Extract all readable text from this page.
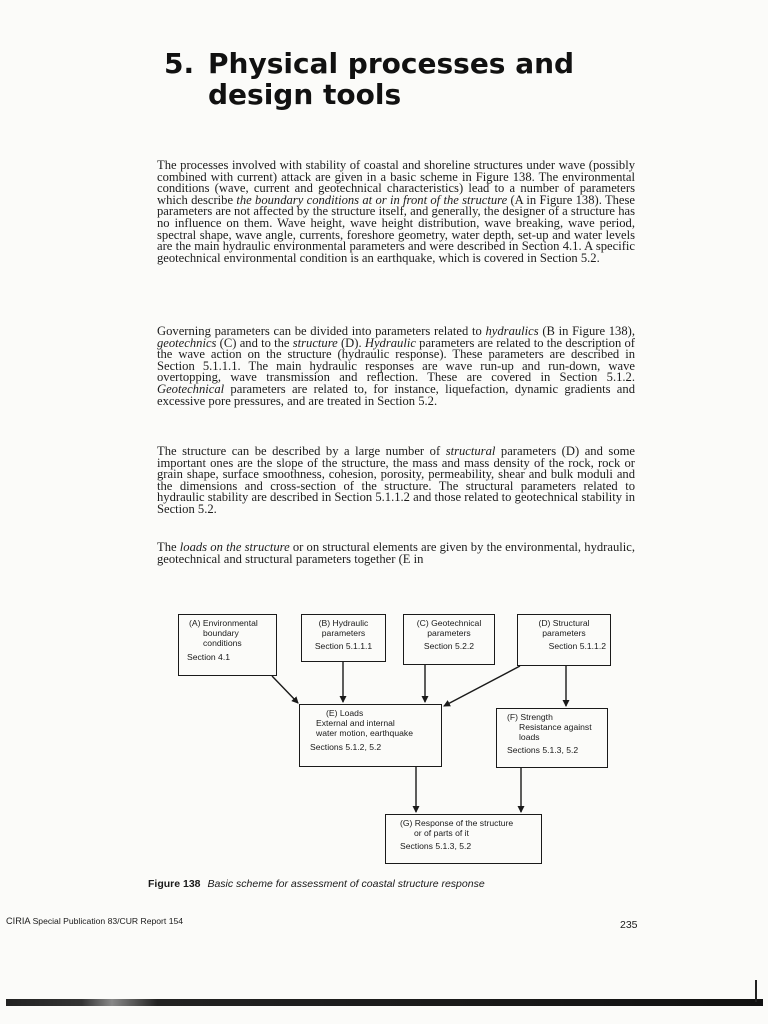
5. Physical processes and
design tools

The processes involved with stability of coastal and shoreline structures under wave (possibly combined with current) attack are given in a basic scheme in Figure 138. The environmental conditions (wave, current and geotechnical characteristics) lead to a number of parameters which describe the boundary conditions at or in front of the structure (A in Figure 138). These parameters are not affected by the structure itself, and generally, the designer of a structure has no influence on them. Wave height, wave height distribution, wave breaking, wave period, spectral shape, wave angle, currents, foreshore geometry, water depth, set-up and water levels are the main hydraulic environmental parameters and were described in Section 4.1. A specific geotechnical environmental condition is an earthquake, which is covered in Section 5.2.

Governing parameters can be divided into parameters related to hydraulics (B in Figure 138), geotechnics (C) and to the structure (D). Hydraulic parameters are related to the description of the wave action on the structure (hydraulic response). These parameters are described in Section 5.1.1.1. The main hydraulic responses are wave run-up and run-down, wave overtopping, wave transmission and reflection. These are covered in Section 5.1.2. Geotechnical parameters are related to, for instance, liquefaction, dynamic gradients and excessive pore pressures, and are treated in Section 5.2.

The structure can be described by a large number of structural parameters (D) and some important ones are the slope of the structure, the mass and mass density of the rock, rock or grain shape, surface smoothness, cohesion, porosity, permeability, shear and bulk moduli and the dimensions and cross-section of the structure. The structural parameters related to hydraulic stability are described in Section 5.1.1.2 and those related to geotechnical stability in Section 5.2.

The loads on the structure or on structural elements are given by the environmental, hydraulic, geotechnical and structural parameters together (E in

(A) Environmental
boundary
conditions
Section 4.1
(B) Hydraulic
parameters
Section 5.1.1.1
(C) Geotechnical
parameters
Section 5.2.2
(D) Structural
parameters
Section 5.1.1.2
(E) Loads
External and internal
water motion, earthquake
Sections 5.1.2, 5.2
(F) Strength
Resistance against
loads
Sections 5.1.3, 5.2
(G) Response of the structure
or of parts of it
Sections 5.1.3, 5.2
Figure 138 Basic scheme for assessment of coastal structure response
CIRIA Special Publication 83/CUR Report 154	235
